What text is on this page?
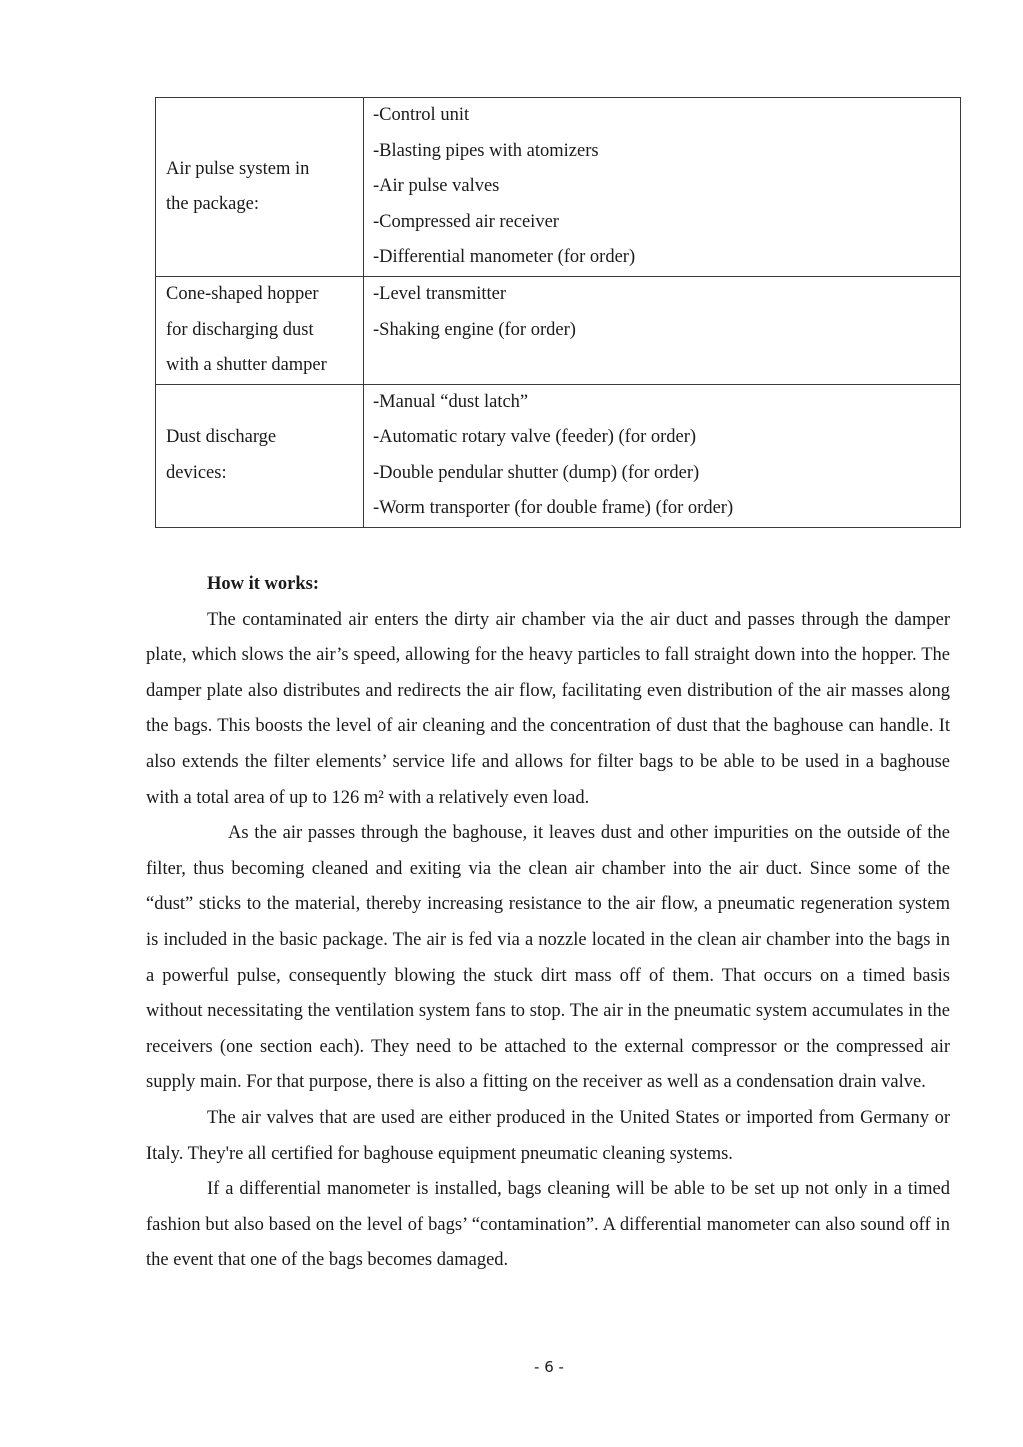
Air pulse system in
the package:	-Control unit
-Blasting pipes with atomizers
-Air pulse valves
-Compressed air receiver
-Differential manometer (for order)

Cone-shaped hopper
for discharging dust
with a shutter damper	-Level transmitter
-Shaking engine (for order)

Dust discharge
devices:	-Manual “dust latch”
-Automatic rotary valve (feeder) (for order)
-Double pendular shutter (dump) (for order)
-Worm transporter (for double frame) (for order)

How it works:

The contaminated air enters the dirty air chamber via the air duct and passes through the damper plate, which slows the air’s speed, allowing for the heavy particles to fall straight down into the hopper. The damper plate also distributes and redirects the air flow, facilitating even distribution of the air masses along the bags. This boosts the level of air cleaning and the concentration of dust that the baghouse can handle. It also extends the filter elements’ service life and allows for filter bags to be able to be used in a baghouse with a total area of up to 126 m² with a relatively even load.

As the air passes through the baghouse, it leaves dust and other impurities on the outside of the filter, thus becoming cleaned and exiting via the clean air chamber into the air duct. Since some of the “dust” sticks to the material, thereby increasing resistance to the air flow, a pneumatic regeneration system is included in the basic package. The air is fed via a nozzle located in the clean air chamber into the bags in a powerful pulse, consequently blowing the stuck dirt mass off of them. That occurs on a timed basis without necessitating the ventilation system fans to stop. The air in the pneumatic system accumulates in the receivers (one section each). They need to be attached to the external compressor or the compressed air supply main. For that purpose, there is also a fitting on the receiver as well as a condensation drain valve.

The air valves that are used are either produced in the United States or imported from Germany or Italy. They're all certified for baghouse equipment pneumatic cleaning systems.

If a differential manometer is installed, bags cleaning will be able to be set up not only in a timed fashion but also based on the level of bags’ “contamination”. A differential manometer can also sound off in the event that one of the bags becomes damaged.

- 6 -
